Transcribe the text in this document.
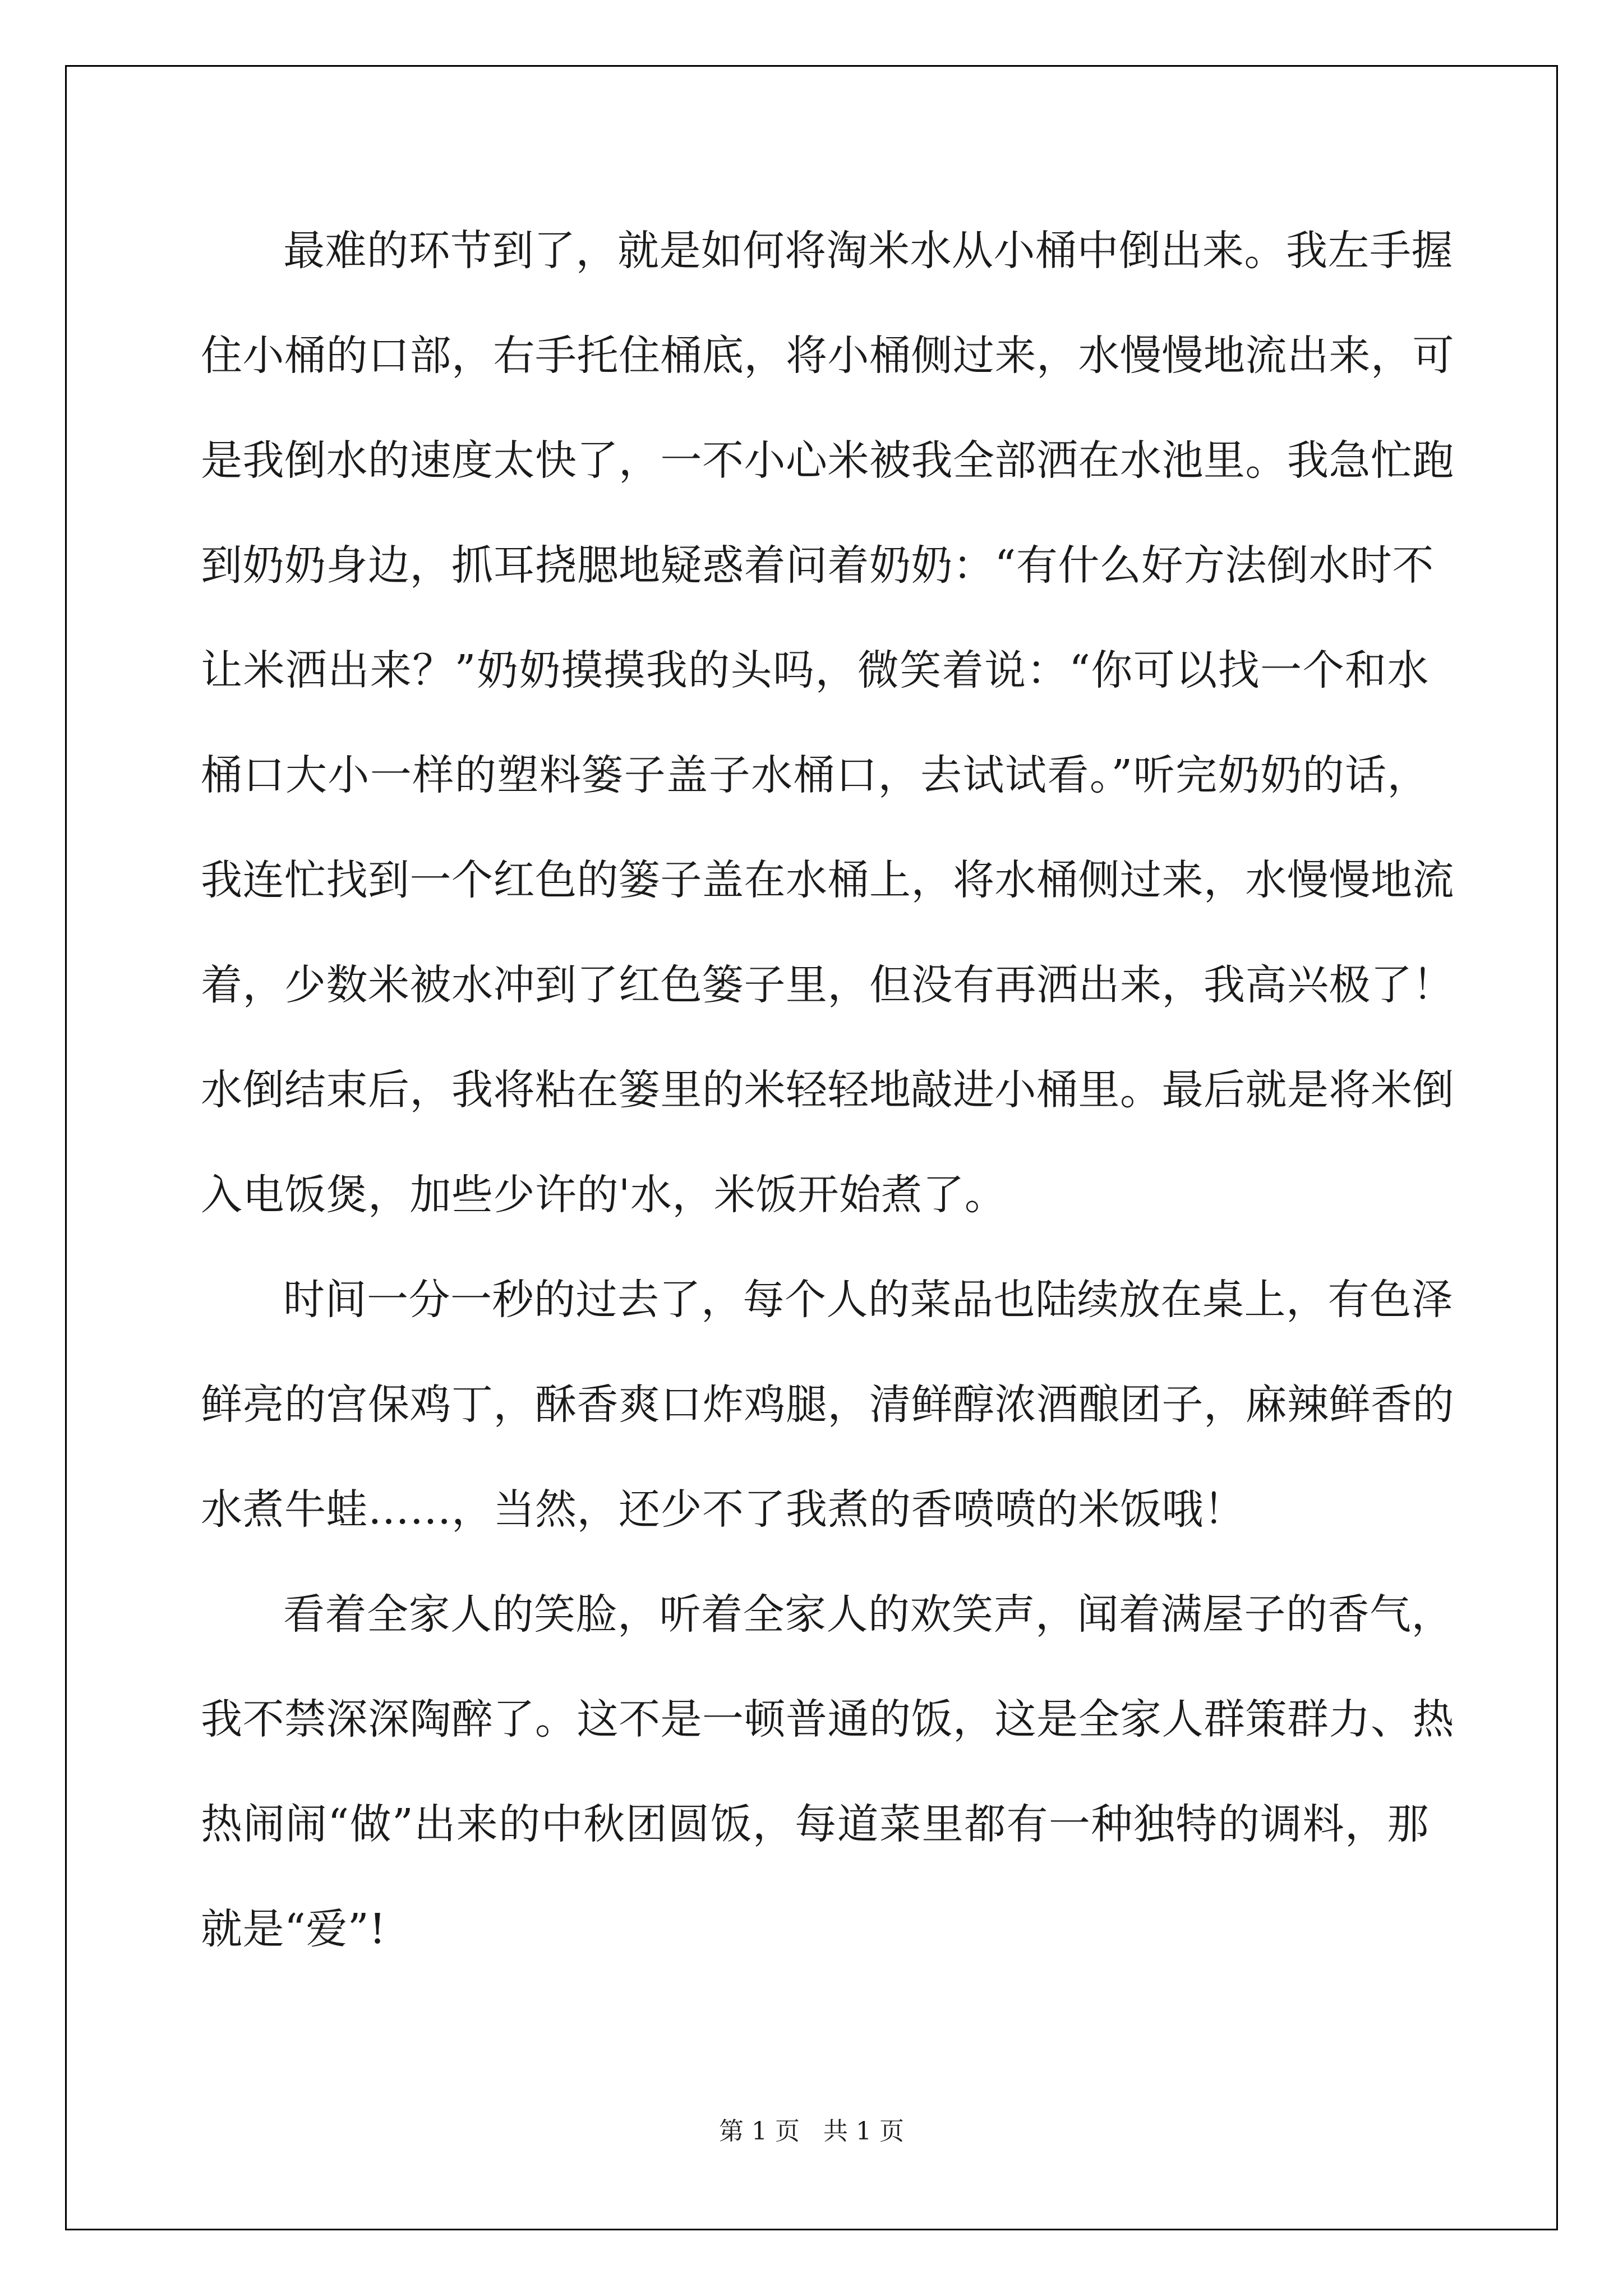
最难的环节到了，就是如何将淘米水从小桶中倒出来。我左手握
住小桶的口部，右手托住桶底，将小桶侧过来，水慢慢地流出来，可
是我倒水的速度太快了，一不小心米被我全部洒在水池里。我急忙跑
到奶奶身边，抓耳挠腮地疑惑着问着奶奶：“有什么好方法倒水时不
让米洒出来？”奶奶摸摸我的头吗，微笑着说：“你可以找一个和水
桶口大小一样的塑料篓子盖子水桶口，去试试看。”听完奶奶的话，
我连忙找到一个红色的篓子盖在水桶上，将水桶侧过来，水慢慢地流
着，少数米被水冲到了红色篓子里，但没有再洒出来，我高兴极了！
水倒结束后，我将粘在篓里的米轻轻地敲进小桶里。最后就是将米倒
入电饭煲，加些少许的'水，米饭开始煮了。
时间一分一秒的过去了，每个人的菜品也陆续放在桌上，有色泽
鲜亮的宫保鸡丁，酥香爽口炸鸡腿，清鲜醇浓酒酿团子，麻辣鲜香的
水煮牛蛙……，当然，还少不了我煮的香喷喷的米饭哦！
看着全家人的笑脸，听着全家人的欢笑声，闻着满屋子的香气，
我不禁深深陶醉了。这不是一顿普通的饭，这是全家人群策群力、热
热闹闹“做”出来的中秋团圆饭，每道菜里都有一种独特的调料，那
就是“爱”!
第 1 页   共 1 页
